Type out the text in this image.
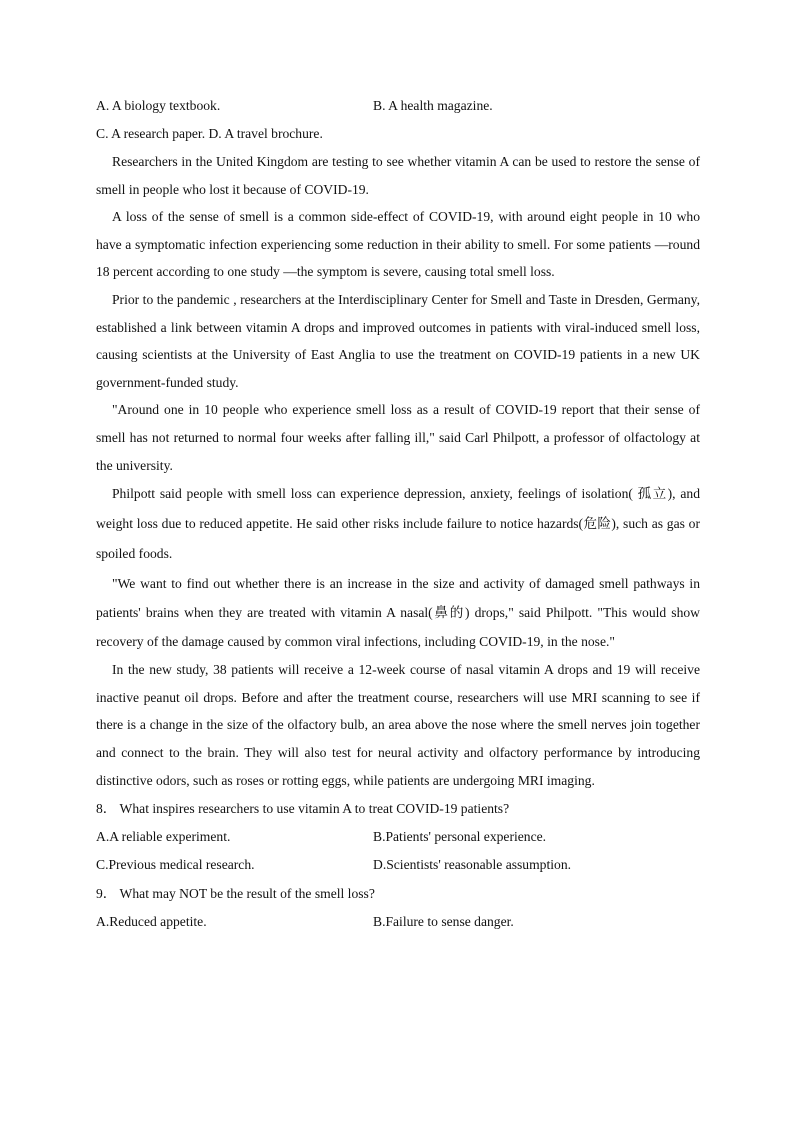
A. A biology textbook.	B. A health magazine.
C. A research paper. D. A travel brochure.

Researchers in the United Kingdom are testing to see whether vitamin A can be used to restore the sense of smell in people who lost it because of COVID-19.

A loss of the sense of smell is a common side-effect of COVID-19, with around eight people in 10 who have a symptomatic infection experiencing some reduction in their ability to smell. For some patients —round 18 percent according to one study —the symptom is severe, causing total smell loss.

Prior to the pandemic , researchers at the Interdisciplinary Center for Smell and Taste in Dresden, Germany, established a link between vitamin A drops and improved outcomes in patients with viral-induced smell loss, causing scientists at the University of East Anglia to use the treatment on COVID-19 patients in a new UK government-funded study.

"Around one in 10 people who experience smell loss as a result of COVID-19 report that their sense of smell has not returned to normal four weeks after falling ill," said Carl Philpott, a professor of olfactology at the university.

Philpott said people with smell loss can experience depression, anxiety, feelings of isolation( 孤立), and weight loss due to reduced appetite. He said other risks include failure to notice hazards(危险), such as gas or spoiled foods.

"We want to find out whether there is an increase in the size and activity of damaged smell pathways in patients' brains when they are treated with vitamin A nasal(鼻的) drops," said Philpott. "This would show recovery of the damage caused by common viral infections, including COVID-19, in the nose."

In the new study, 38 patients will receive a 12-week course of nasal vitamin A drops and 19 will receive inactive peanut oil drops. Before and after the treatment course, researchers will use MRI scanning to see if there is a change in the size of the olfactory bulb, an area above the nose where the smell nerves join together and connect to the brain. They will also test for neural activity and olfactory performance by introducing distinctive odors, such as roses or rotting eggs, while patients are undergoing MRI imaging.

8． What inspires researchers to use vitamin A to treat COVID-19 patients?
A.A reliable experiment.	B.Patients' personal experience.
C.Previous medical research.	D.Scientists' reasonable assumption.
9． What may NOT be the result of the smell loss?
A.Reduced appetite.	B.Failure to sense danger.
